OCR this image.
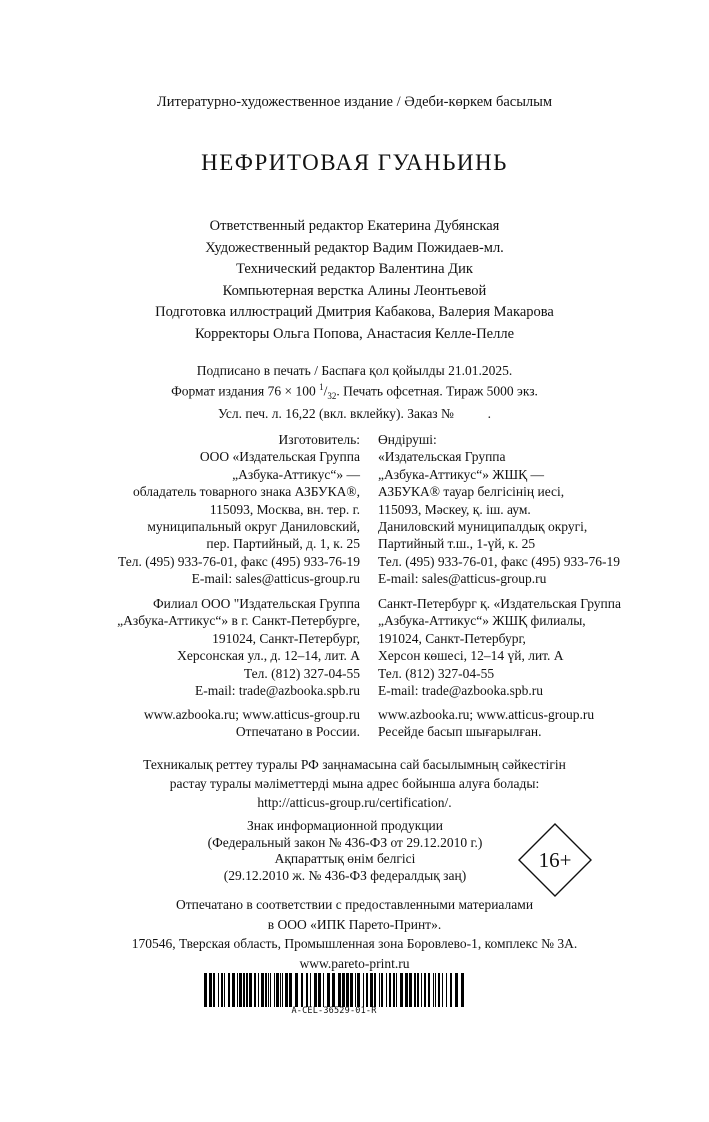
Литературно-художественное издание / Әдеби-көркем басылым
НЕФРИТОВАЯ ГУАНЬИНЬ
Ответственный редактор Екатерина Дубянская
Художественный редактор Вадим Пожидаев-мл.
Технический редактор Валентина Дик
Компьютерная верстка Алины Леонтьевой
Подготовка иллюстраций Дмитрия Кабакова, Валерия Макарова
Корректоры Ольга Попова, Анастасия Келле-Пелле
Подписано в печать / Баспаға қол қойылды 21.01.2025.
Формат издания 76 × 100 $^1/_{32}$. Печать офсетная. Тираж 5000 экз.
Усл. печ. л. 16,22 (вкл. вклейку). Заказ №          .
Изготовитель:
ООО «Издательская Группа
„Азбука-Аттикус“» —
обладатель товарного знака АЗБУКА®,
115093, Москва, вн. тер. г.
муниципальный округ Даниловский,
пер. Партийный, д. 1, к. 25
Тел. (495) 933-76-01, факс (495) 933-76-19
E-mail: sales@atticus-group.ru
Өндіруші:
«Издательская Группа
„Азбука-Аттикус“» ЖШҚ —
АЗБУКА® тауар белгісінің иесі,
115093, Мәскеу, қ. іш. аум.
Даниловский муниципалдық округі,
Партийный т.ш., 1-үй, к. 25
Тел. (495) 933-76-01, факс (495) 933-76-19
E-mail: sales@atticus-group.ru
Филиал ООО "Издательская Группа
„Азбука-Аттикус“» в г. Санкт-Петербурге,
191024, Санкт-Петербург,
Херсонская ул., д. 12–14, лит. А
Тел. (812) 327-04-55
E-mail: trade@azbooka.spb.ru
Санкт-Петербург қ. «Издательская Группа
„Азбука-Аттикус“» ЖШҚ филиалы,
191024, Санкт-Петербург,
Херсон көшесі, 12–14 үй, лит. А
Тел. (812) 327-04-55
E-mail: trade@azbooka.spb.ru
www.azbooka.ru; www.atticus-group.ru
Отпечатано в России.
www.azbooka.ru; www.atticus-group.ru
Ресейде басып шығарылған.
Техникалық реттеу туралы РФ заңнамасына сай басылымның сәйкестігін
растау туралы мәліметтерді мына адрес бойынша алуға болады:
http://atticus-group.ru/certification/.
Знак информационной продукции
(Федеральный закон № 436-ФЗ от 29.12.2010 г.)
Ақпараттық өнім белгісі
(29.12.2010 ж. № 436-ФЗ федералдық заң)
16+
Отпечатано в соответствии с предоставленными материалами
в ООО «ИПК Парето-Принт».
170546, Тверская область, Промышленная зона Боровлево-1, комплекс № 3А.
www.pareto-print.ru
A-CEL-36529-01-R
